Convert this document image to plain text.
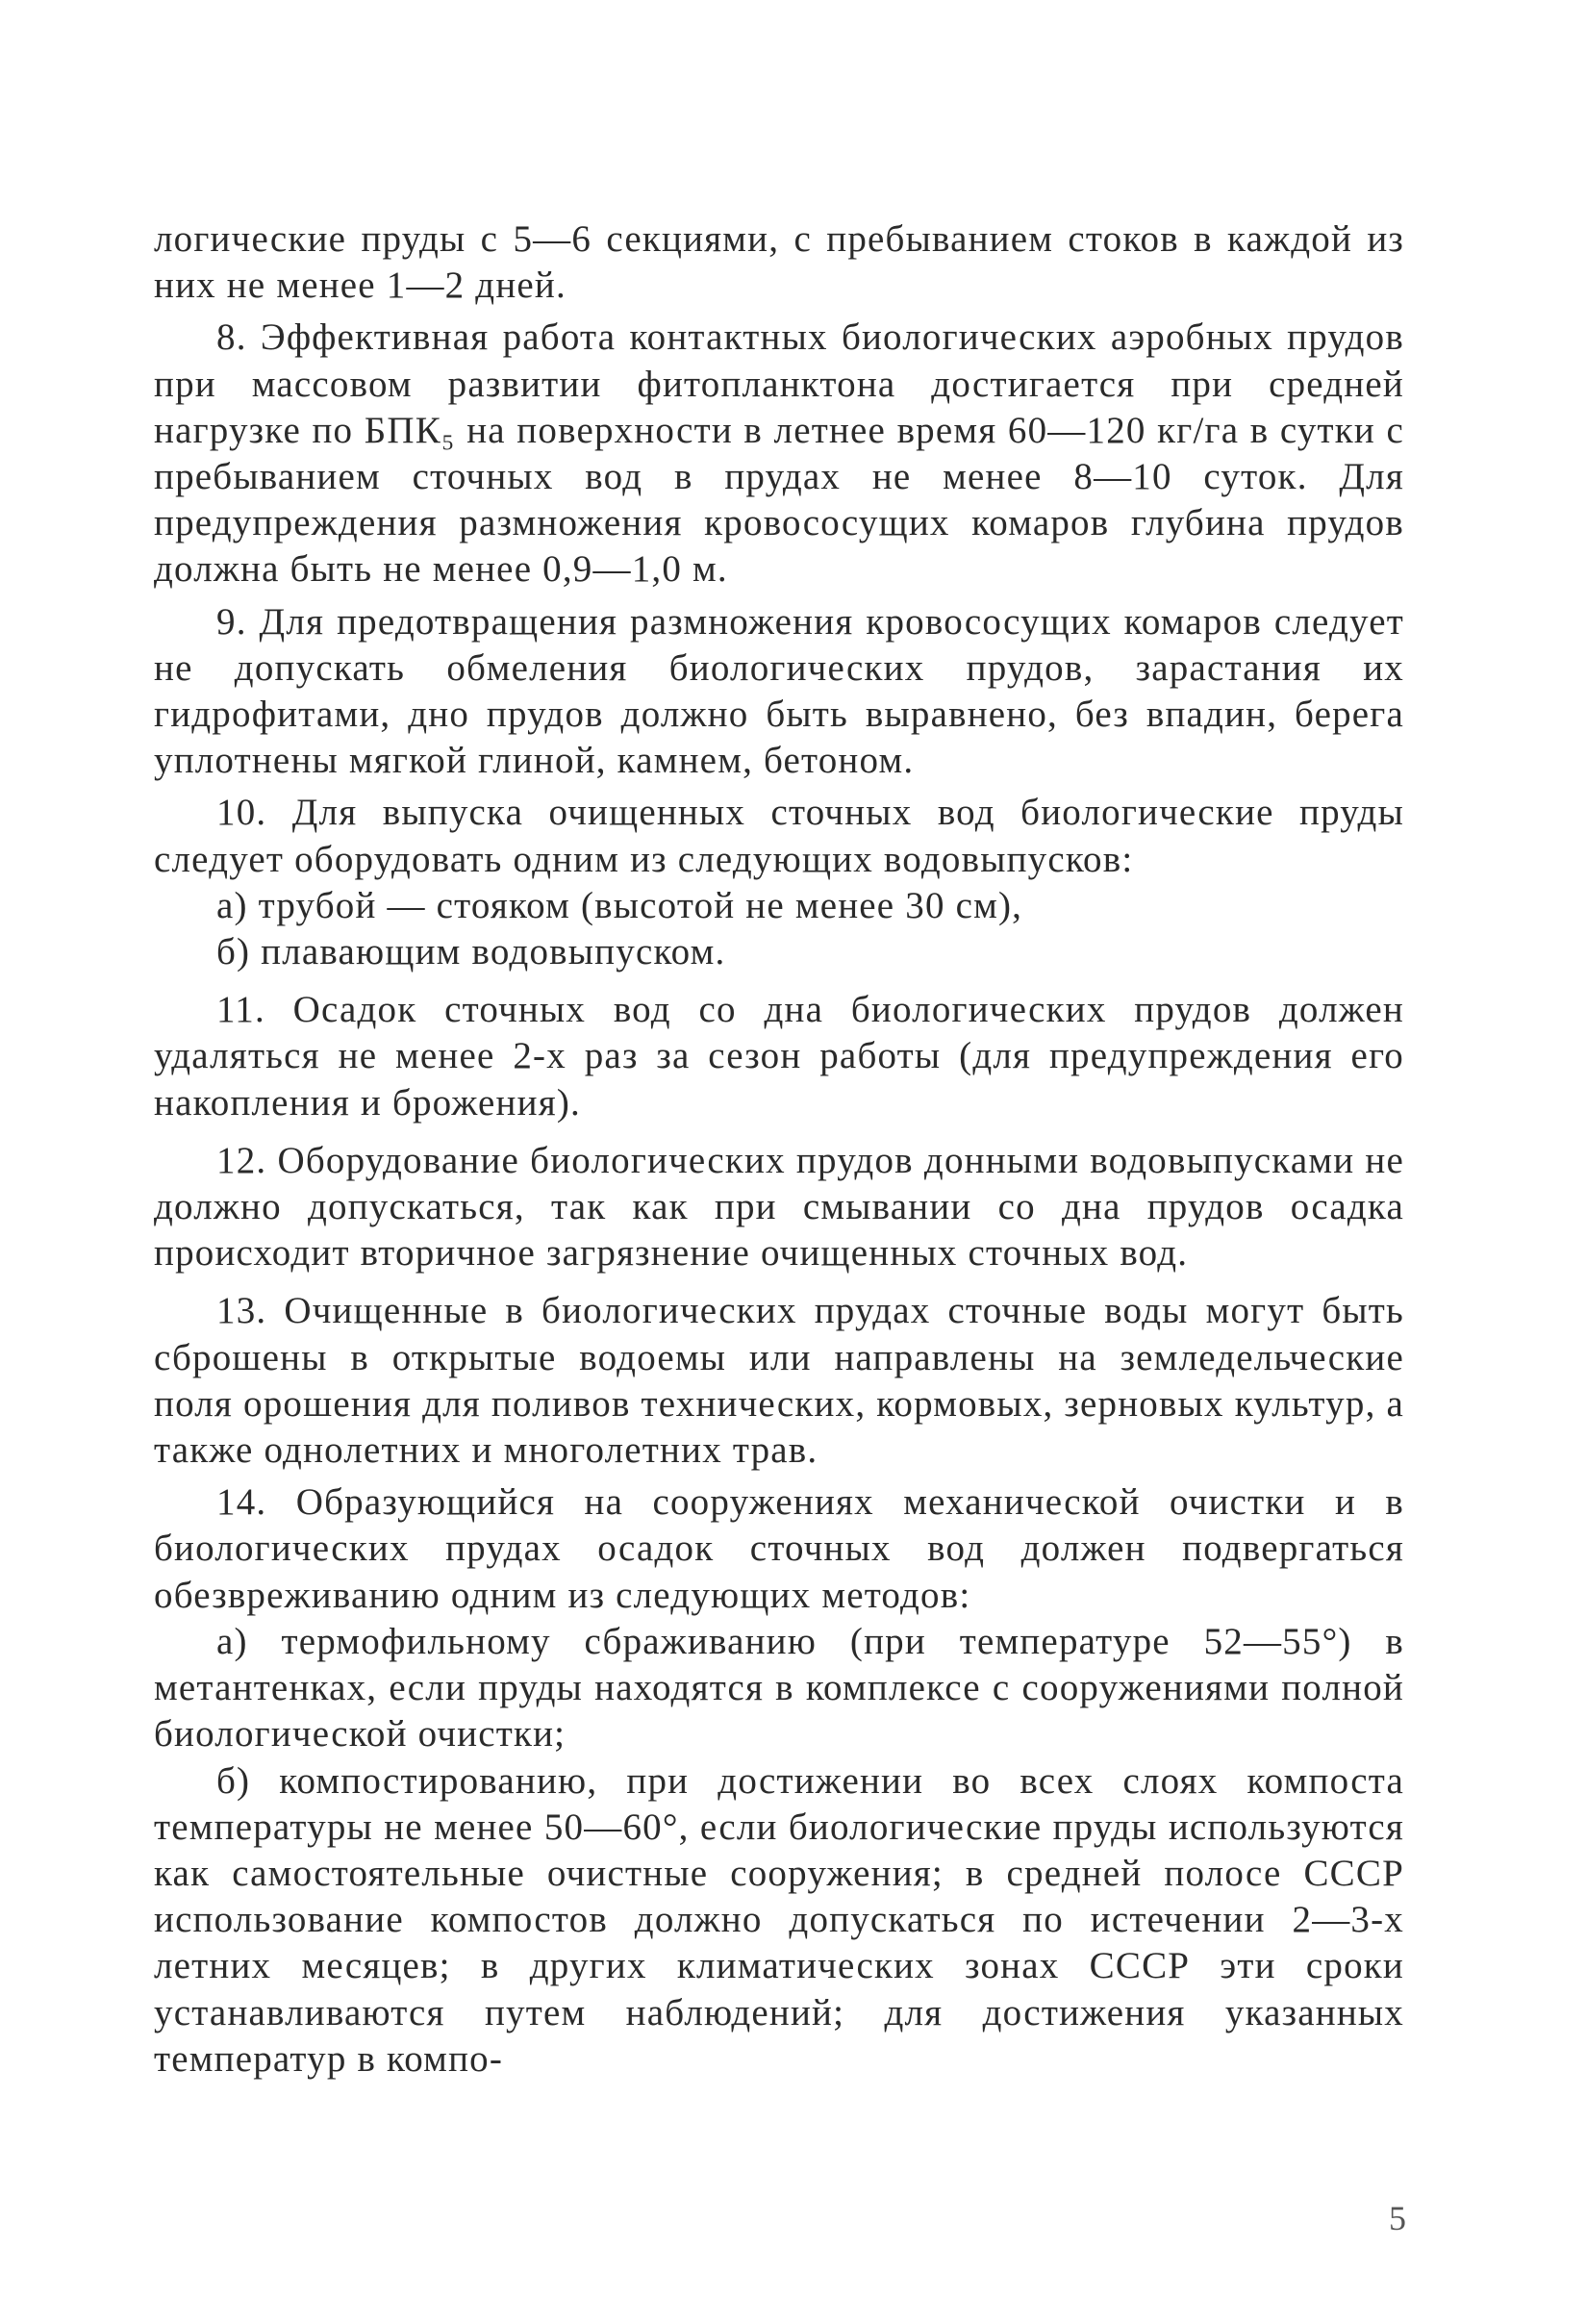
логические пруды с 5—6 секциями, с пребыванием стоков в каждой из них не менее 1—2 дней.

8. Эффективная работа контактных биологических аэробных прудов при массовом развитии фитопланктона достигается при средней нагрузке по БПК₅ на поверхности в летнее время 60—120 кг/га в сутки с пребыванием сточных вод в прудах не менее 8—10 суток. Для предупреждения размножения кровососущих комаров глубина прудов должна быть не менее 0,9—1,0 м.

9. Для предотвращения размножения кровососущих комаров следует не допускать обмеления биологических прудов, зарастания их гидрофитами, дно прудов должно быть выравнено, без впадин, берега уплотнены мягкой глиной, камнем, бетоном.

10. Для выпуска очищенных сточных вод биологические пруды следует оборудовать одним из следующих водовыпусков:

а) трубой — стояком (высотой не менее 30 см),

б) плавающим водовыпуском.

11. Осадок сточных вод со дна биологических прудов должен удаляться не менее 2-х раз за сезон работы (для предупреждения его накопления и брожения).

12. Оборудование биологических прудов донными водовыпусками не должно допускаться, так как при смывании со дна прудов осадка происходит вторичное загрязнение очищенных сточных вод.

13. Очищенные в биологических прудах сточные воды могут быть сброшены в открытые водоемы или направлены на земледельческие поля орошения для поливов технических, кормовых, зерновых культур, а также однолетних и многолетних трав.

14. Образующийся на сооружениях механической очистки и в биологических прудах осадок сточных вод должен подвергаться обезвреживанию одним из следующих методов:

а) термофильному сбраживанию (при температуре 52—55°) в метантенках, если пруды находятся в комплексе с сооружениями полной биологической очистки;

б) компостированию, при достижении во всех слоях компоста температуры не менее 50—60°, если биологические пруды используются как самостоятельные очистные сооружения; в средней полосе СССР использование компостов должно допускаться по истечении 2—3-х летних месяцев; в других климатических зонах СССР эти сроки устанавливаются путем наблюдений; для достижения указанных температур в компо-

5
